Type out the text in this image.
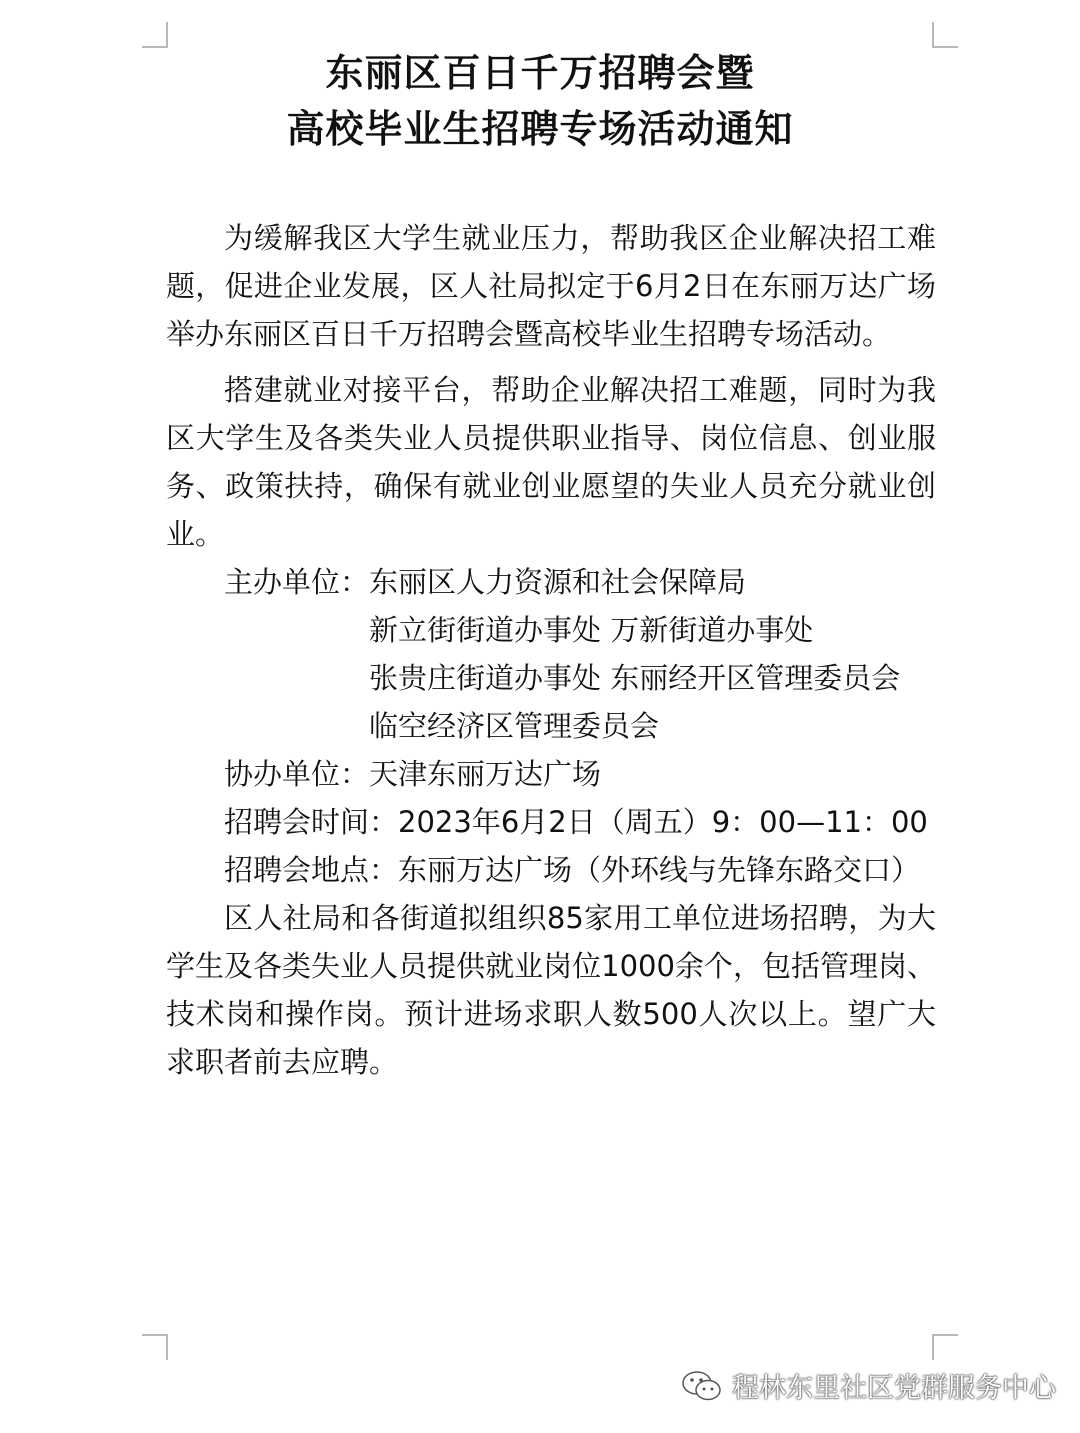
东丽区百日千万招聘会暨
高校毕业生招聘专场活动通知

为缓解我区大学生就业压力，帮助我区企业解决招工难题，促进企业发展，区人社局拟定于6月2日在东丽万达广场举办东丽区百日千万招聘会暨高校毕业生招聘专场活动。

搭建就业对接平台，帮助企业解决招工难题，同时为我区大学生及各类失业人员提供职业指导、岗位信息、创业服务、政策扶持，确保有就业创业愿望的失业人员充分就业创业。

主办单位： 东丽区人力资源和社会保障局
新立街街道办事处 万新街道办事处
张贵庄街道办事处 东丽经开区管理委员会
临空经济区管理委员会
协办单位： 天津东丽万达广场
招聘会时间： 2023年6月2日（周五）9：00—11：00
招聘会地点： 东丽万达广场（外环线与先锋东路交口）

区人社局和各街道拟组织85家用工单位进场招聘，为大学生及各类失业人员提供就业岗位1000余个，包括管理岗、技术岗和操作岗。预计进场求职人数500人次以上。望广大求职者前去应聘。

程林东里社区党群服务中心
